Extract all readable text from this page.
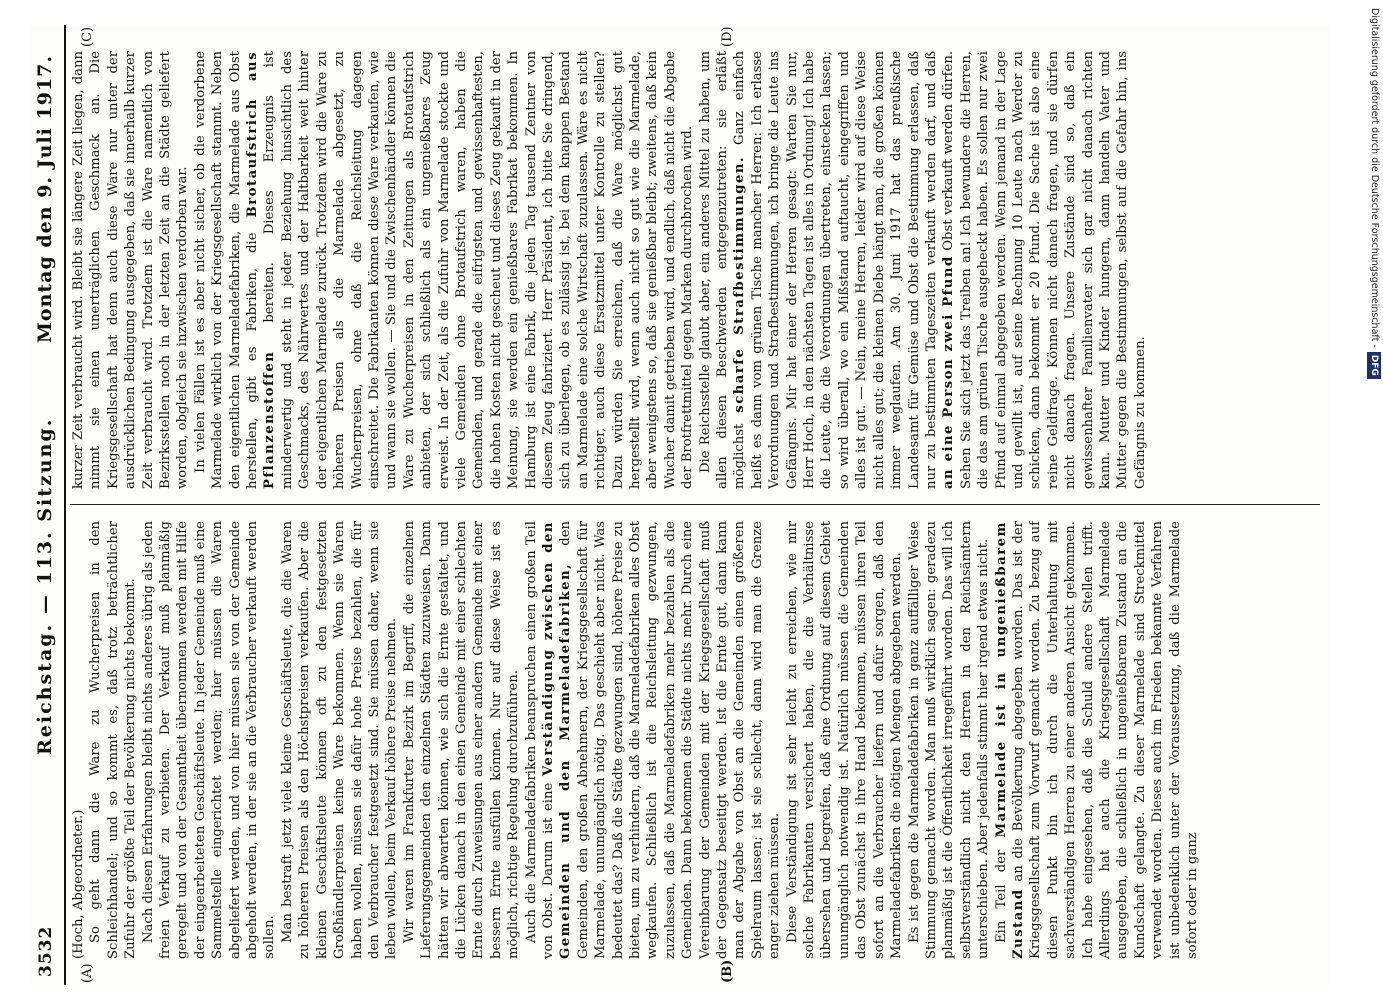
3532
Reichstag. — 113. Sitzung.
Montag den 9. Juli 1917.
(A)	(B)
(C)	(D)

(Hoch, Abgeordneter.) So geht dann die Ware zu Wucherpreisen in den Schleichhandel; und so kommt es, daß trotz beträchtlicher Zufuhr der größte Teil der Bevölkerung nichts bekommt. Nach diesen Erfahrungen bleibt nichts anderes übrig als jeden freien Verkauf zu verbieten. Der Verkauf muß planmäßig geregelt und von der Gesamtheit übernommen werden mit Hilfe der eingearbeiteten Geschäftsleute. In jeder Gemeinde muß eine Sammelstelle eingerichtet werden; hier müssen die Waren abgeliefert werden, und von hier müssen sie von der Gemeinde abgeholt werden, in der sie an die Verbraucher verkauft werden sollen. Man bestraft jetzt viele kleine Geschäftsleute, die die Waren zu höheren Preisen als den Höchstpreisen verkaufen. Aber die kleinen Geschäftsleute können oft zu den festgesetzten Großhändlerpreisen keine Ware bekommen. Wenn sie Waren haben wollen, müssen sie dafür hohe Preise bezahlen, die für den Verbraucher festgesetzt sind. Sie müssen daher, wenn sie leben wollen, beim Verkauf höhere Preise nehmen. Wir waren im Frankfurter Bezirk im Begriff, die einzelnen Lieferungsgemeinden den einzelnen Städten zuzuweisen. Dann hätten wir abwarten können, wie sich die Ernte gestaltet, und die Lücken danach in den einen Gemeinde mit einer schlechten Ernte durch Zuweisungen aus einer andern Gemeinde mit einer bessern Ernte ausfüllen können. Nur auf diese Weise ist es möglich, richtige Regelung durchzuführen. Auch die Marmeladefabriken beanspruchen einen großen Teil von Obst. Darum ist eine Verständigung zwischen den Gemeinden und den Marmeladefabriken, den Gemeinden, den großen Abnehmern, der Kriegsgesellschaft für Marmelade, unumgänglich nötig. Das geschieht aber nicht. Was bedeutet das? Daß die Städte gezwungen sind, höhere Preise zu bieten, um zu verhindern, daß die Marmeladefabriken alles Obst wegkaufen. Schließlich ist die Reichsleitung gezwungen, zuzulassen, daß die Marmeladefabriken mehr bezahlen als die Gemeinden. Dann bekommen die Städte nichts mehr. Durch eine Vereinbarung der Gemeinden mit der Kriegsgesellschaft muß der Gegensatz beseitigt werden. Ist die Ernte gut, dann kann man der Abgabe von Obst an die Gemeinden einen größeren Spielraum lassen; ist sie schlecht, dann wird man die Grenze enger ziehen müssen. Diese Verständigung ist sehr leicht zu erreichen, wie mir solche Fabrikanten versichert haben, die die Verhältnisse übersehen und begreifen, daß eine Ordnung auf diesem Gebiet unumgänglich notwendig ist. Natürlich müssen die Gemeinden das Obst zunächst in ihre Hand bekommen, müssen ihren Teil sofort an die Verbraucher liefern und dafür sorgen, daß den Marmeladefabriken die nötigen Mengen abgegeben werden. Es ist gegen die Marmeladefabriken in ganz auffälliger Weise Stimmung gemacht worden. Man muß wirklich sagen: geradezu planmäßig ist die Öffentlichkeit irregeführt worden. Das will ich selbstverständlich nicht den Herren in den Reichsämtern unterschieben. Aber jedenfalls stimmt hier irgend etwas nicht. Ein Teil der Marmelade ist in ungenießbarem Zustand an die Bevölkerung abgegeben worden. Das ist der Kriegsgesellschaft zum Vorwurf gemacht worden. Zu bezug auf diesen Punkt bin ich durch die Unterhaltung mit sachverständigen Herren zu einer anderen Ansicht gekommen. Ich habe eingesehen, daß die Schuld andere Stellen trifft. Allerdings hat auch die Kriegsgesellschaft Marmelade ausgegeben, die schließlich in ungenießbarem Zustand an die Kundschaft gelangte. Zu dieser Marmelade sind Streckmittel verwendet worden. Dieses auch im Frieden bekannte Verfahren ist unbedenklich unter der Voraussetzung, daß die Marmelade sofort oder in ganz

kurzer Zeit verbraucht wird. Bleibt sie längere Zeit liegen, dann nimmt sie einen unerträglichen Geschmack an. Die Kriegsgesellschaft hat denn auch diese Ware nur unter der ausdrücklichen Bedingung ausgegeben, daß sie innerhalb kurzer Zeit verbraucht wird. Trotzdem ist die Ware namentlich von Bezirksstellen noch in der letzten Zeit an die Städte geliefert worden, obgleich sie inzwischen verdorben war. In vielen Fällen ist es aber nicht sicher, ob die verdorbene Marmelade wirklich von der Kriegsgesellschaft stammt. Neben den eigentlichen Marmeladefabriken, die Marmelade aus Obst herstellen, gibt es Fabriken, die Brotaufstrich aus Pflanzenstoffen bereiten. Dieses Erzeugnis ist minderwertig und steht in jeder Beziehung hinsichtlich des Geschmacks, des Nährwertes und der Haltbarkeit weit hinter der eigentlichen Marmelade zurück. Trotzdem wird die Ware zu höheren Preisen als die Marmelade abgesetzt, zu Wucherpreisen, ohne daß die Reichsleitung dagegen einschreitet. Die Fabrikanten können diese Ware verkaufen, wie und wann sie wollen. — Sie und die Zwischenhändler können die Ware zu Wucherpreisen in den Zeitungen als Brotaufstrich anbieten, der sich schließlich als ein ungenießbares Zeug erweist. In der Zeit, als die Zufuhr von Marmelade stockte und viele Gemeinden ohne Brotaufstrich waren, haben die Gemeinden, und gerade die eifrigsten und gewissenhaftesten, die hohen Kosten nicht gescheut und dieses Zeug gekauft in der Meinung, sie werden ein genießbares Fabrikat bekommen. In Hamburg ist eine Fabrik, die jeden Tag tausend Zentner von diesem Zeug fabriziert. Herr Präsident, ich bitte Sie dringend, sich zu überlegen, ob es zulässig ist, bei dem knappen Bestand an Marmelade eine solche Wirtschaft zuzulassen. Wäre es nicht richtiger, auch diese Ersatzmittel unter Kontrolle zu stellen? Dazu würden Sie erreichen, daß die Ware möglichst gut hergestellt wird, wenn auch nicht so gut wie die Marmelade, aber wenigstens so, daß sie genießbar bleibt; zweitens, daß kein Wucher damit getrieben wird, und endlich, daß nicht die Abgabe der Brotfrettmittel gegen Marken durchbrochen wird. Die Reichsstelle glaubt aber, ein anderes Mittel zu haben, um allen diesen Beschwerden entgegenzutreten: sie erläßt möglichst scharfe Strafbestimmungen. Ganz einfach heißt es dann vom grünen Tische mancher Herren: Ich erlasse Verordnungen und Strafbestimmungen, ich bringe die Leute ins Gefängnis. Mir hat einer der Herren gesagt: Warten Sie nur, Herr Hoch, in den nächsten Tagen ist alles in Ordnung! Ich habe die Leute, die die Verordnungen übertreten, einstecken lassen; so wird überall, wo ein Mißstand auftaucht, eingegriffen und alles ist gut. — Nein, meine Herren, leider wird auf diese Weise nicht alles gut; die kleinen Diebe hängt man, die großen können immer weglaufen. Am 30. Juni 1917 hat das preußische Landesamt für Gemüse und Obst die Bestimmung erlassen, daß nur zu bestimmten Tageszeiten verkauft werden darf, und daß an eine Person zwei Pfund Obst verkauft werden dürfen. Sehen Sie sich jetzt das Treiben an! Ich bewundere die Herren, die das am grünen Tische ausgeheckt haben. Es sollen nur zwei Pfund auf einmal abgegeben werden. Wenn jemand in der Lage und gewillt ist, auf seine Rechnung 10 Leute nach Werder zu schicken, dann bekommt er 20 Pfund. Die Sache ist also eine reine Geldfrage. Können nicht danach fragen, und sie dürfen nicht danach fragen. Unsere Zustände sind so, daß ein gewissenhafter Familienvater sich gar nicht danach richten kann. Mutter und Kinder hungern, dann handeln Vater und Mutter gegen die Bestimmungen, selbst auf die Gefahr hin, ins Gefängnis zu kommen.

Digitalisierung gefördert durch die Deutsche Forschungsgemeinschaft -DFG
